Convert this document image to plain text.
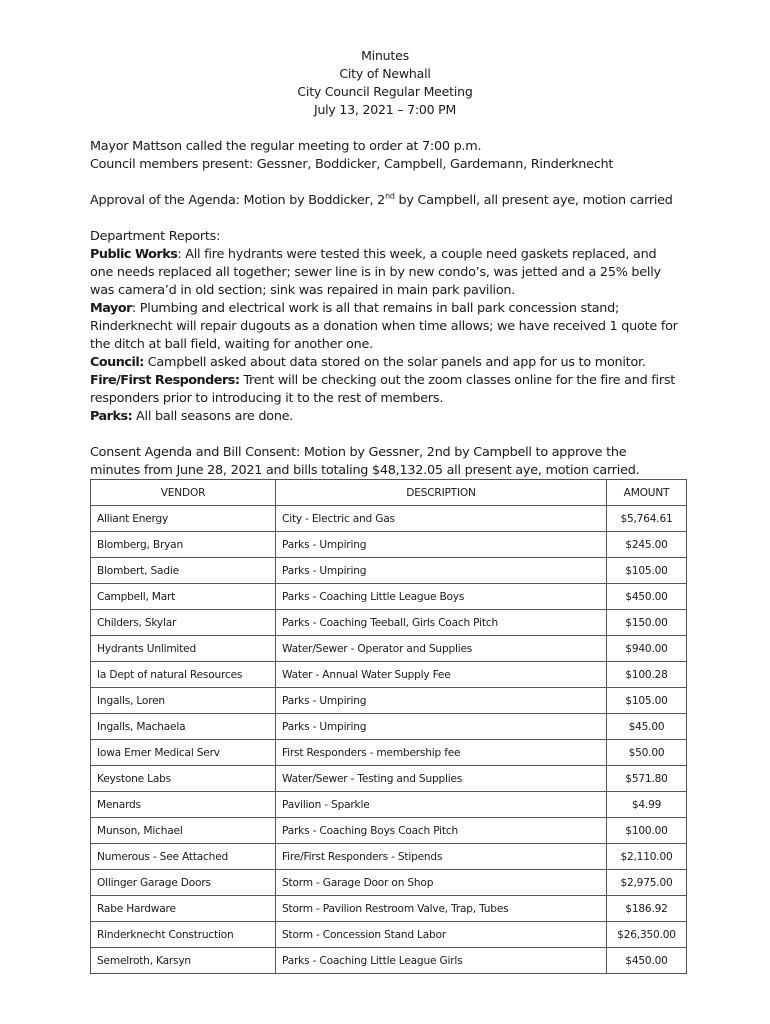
Minutes
City of Newhall
City Council Regular Meeting
July 13, 2021 – 7:00 PM
Mayor Mattson called the regular meeting to order at 7:00 p.m.
Council members present: Gessner, Boddicker, Campbell, Gardemann, Rinderknecht
Approval of the Agenda: Motion by Boddicker, 2nd by Campbell, all present aye, motion carried
Department Reports:
Public Works: All fire hydrants were tested this week, a couple need gaskets replaced, and one needs replaced all together; sewer line is in by new condo’s, was jetted and a 25% belly was camera’d in old section; sink was repaired in main park pavilion.
Mayor: Plumbing and electrical work is all that remains in ball park concession stand; Rinderknecht will repair dugouts as a donation when time allows; we have received 1 quote for the ditch at ball field, waiting for another one.
Council: Campbell asked about data stored on the solar panels and app for us to monitor.
Fire/First Responders: Trent will be checking out the zoom classes online for the fire and first responders prior to introducing it to the rest of members.
Parks: All ball seasons are done.
Consent Agenda and Bill Consent: Motion by Gessner, 2nd by Campbell to approve the minutes from June 28, 2021 and bills totaling $48,132.05 all present aye, motion carried.
VENDOR	DESCRIPTION	AMOUNT
Alliant Energy	City - Electric and Gas	$5,764.61
Blomberg, Bryan	Parks - Umpiring	$245.00
Blombert, Sadie	Parks - Umpiring	$105.00
Campbell, Mart	Parks - Coaching Little League Boys	$450.00
Childers, Skylar	Parks - Coaching Teeball, Girls Coach Pitch	$150.00
Hydrants Unlimited	Water/Sewer - Operator and Supplies	$940.00
Ia Dept of natural Resources	Water - Annual Water Supply Fee	$100.28
Ingalls, Loren	Parks - Umpiring	$105.00
Ingalls, Machaela	Parks - Umpiring	$45.00
Iowa Emer Medical Serv	First Responders - membership fee	$50.00
Keystone Labs	Water/Sewer - Testing and Supplies	$571.80
Menards	Pavilion - Sparkle	$4.99
Munson, Michael	Parks - Coaching Boys Coach Pitch	$100.00
Numerous - See Attached	Fire/First Responders - Stipends	$2,110.00
Ollinger Garage Doors	Storm - Garage Door on Shop	$2,975.00
Rabe Hardware	Storm - Pavilion Restroom Valve, Trap, Tubes	$186.92
Rinderknecht Construction	Storm - Concession Stand Labor	$26,350.00
Semelroth, Karsyn	Parks - Coaching Little League Girls	$450.00
